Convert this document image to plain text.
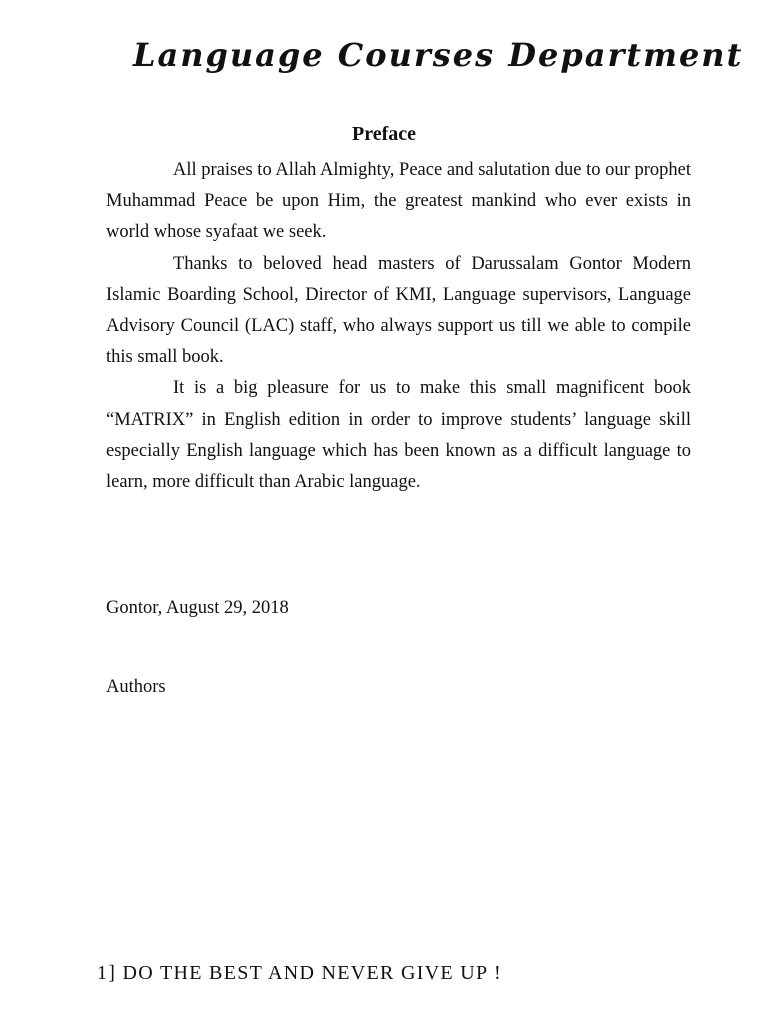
Language Courses Department
Preface

All praises to Allah Almighty, Peace and salutation due to our prophet Muhammad Peace be upon Him, the greatest mankind who ever exists in world whose syafaat we seek.

Thanks to beloved head masters of Darussalam Gontor Modern Islamic Boarding School, Director of KMI, Language supervisors, Language Advisory Council (LAC) staff, who always support us till we able to compile this small book.

It is a big pleasure for us to make this small magnificent book “MATRIX” in English edition in order to improve students’ language skill especially English language which has been known as a difficult language to learn, more difficult than Arabic language.

Gontor, August 29, 2018
Authors
1] DO THE BEST AND NEVER GIVE UP !
